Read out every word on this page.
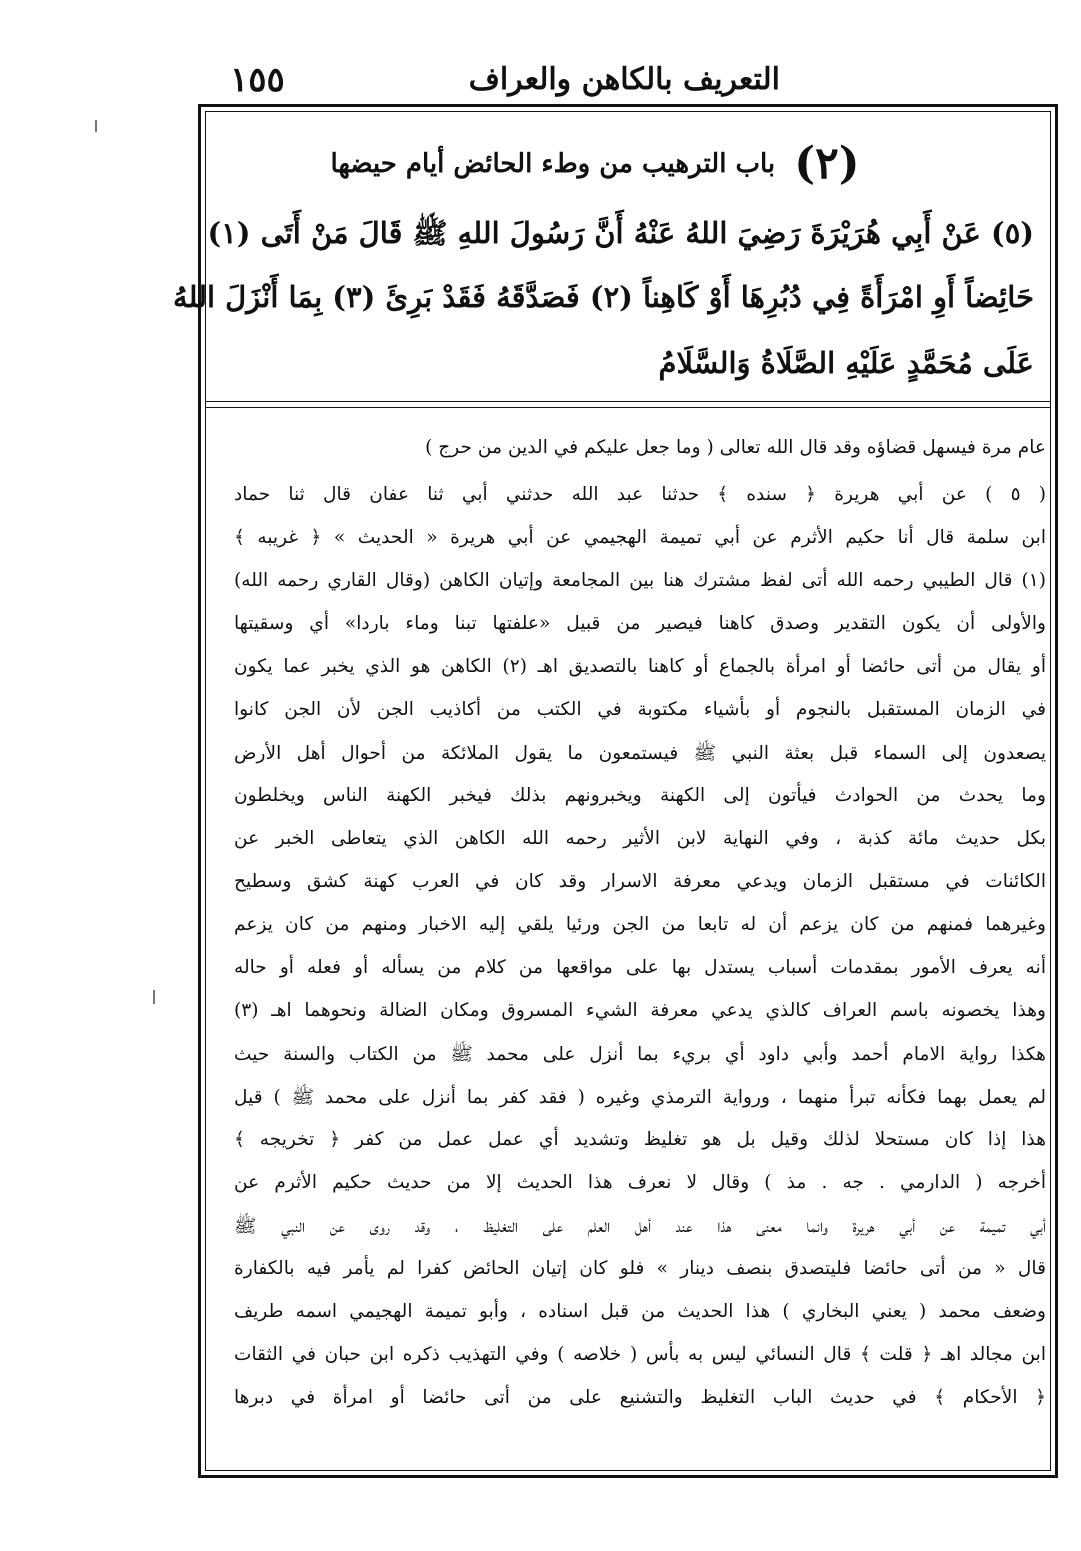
التعريف بالكاهن والعراف
١٥٥
(٢) باب الترهيب من وطء الحائض أيام حيضها
(٥) عَنْ أَبِي هُرَيْرَةَ رَضِيَ اللهُ عَنْهُ أَنَّ رَسُولَ اللهِ ﷺ قَالَ مَنْ أَتَى (١)
حَائِضاً أَوِ امْرَأَةً فِي دُبُرِهَا أَوْ كَاهِناً (٢) فَصَدَّقَهُ فَقَدْ بَرِئَ (٣) بِمَا أَنْزَلَ اللهُ
عَلَى مُحَمَّدٍ عَلَيْهِ الصَّلَاةُ وَالسَّلَامُ
عام مرة فيسهل قضاؤه وقد قال الله تعالى ( وما جعل عليكم في الدين من حرج )
( ٥ ) عن أبي هريرة ﴿ سنده ﴾ حدثنا عبد الله حدثني أبي ثنا عفان قال ثنا حماد
ابن سلمة قال أنا حكيم الأثرم عن أبي تميمة الهجيمي عن أبي هريرة « الحديث » ﴿ غريبه ﴾
(١) قال الطيبي رحمه الله أتى لفظ مشترك هنا بين المجامعة وإتيان الكاهن (وقال القاري رحمه الله)
والأولى أن يكون التقدير وصدق كاهنا فيصير من قبيل «علفتها تبنا وماء باردا» أي وسقيتها
أو يقال من أتى حائضا أو امرأة بالجماع أو كاهنا بالتصديق اهـ (٢) الكاهن هو الذي يخبر عما يكون
في الزمان المستقبل بالنجوم أو بأشياء مكتوبة في الكتب من أكاذيب الجن لأن الجن كانوا
يصعدون إلى السماء قبل بعثة النبي ﷺ فيستمعون ما يقول الملائكة من أحوال أهل الأرض
وما يحدث من الحوادث فيأتون إلى الكهنة ويخبرونهم بذلك فيخبر الكهنة الناس ويخلطون
بكل حديث مائة كذبة ، وفي النهاية لابن الأثير رحمه الله الكاهن الذي يتعاطى الخبر عن
الكائنات في مستقبل الزمان ويدعي معرفة الاسرار وقد كان في العرب كهنة كشق وسطيح
وغيرهما فمنهم من كان يزعم أن له تابعا من الجن ورئيا يلقي إليه الاخبار ومنهم من كان يزعم
أنه يعرف الأمور بمقدمات أسباب يستدل بها على مواقعها من كلام من يسأله أو فعله أو حاله
وهذا يخصونه باسم العراف كالذي يدعي معرفة الشيء المسروق ومكان الضالة ونحوهما اهـ (٣)
هكذا رواية الامام أحمد وأبي داود أي بريء بما أنزل على محمد ﷺ من الكتاب والسنة حيث
لم يعمل بهما فكأنه تبرأ منهما ، ورواية الترمذي وغيره ( فقد كفر بما أنزل على محمد ﷺ ) قيل
هذا إذا كان مستحلا لذلك وقيل بل هو تغليظ وتشديد أي عمل عمل من كفر ﴿ تخريجه ﴾
أخرجه ( الدارمي . جه . مذ ) وقال لا نعرف هذا الحديث إلا من حديث حكيم الأثرم عن
أبي تميمة عن أبي هريرة وانما معنى هذا عند أهل العلم على التغليظ ، وقد روى عن النبي ﷺ
قال « من أتى حائضا فليتصدق بنصف دينار » فلو كان إتيان الحائض كفرا لم يأمر فيه بالكفارة
وضعف محمد ( يعني البخاري ) هذا الحديث من قبل اسناده ، وأبو تميمة الهجيمي اسمه طريف
ابن مجالد اهـ ﴿ قلت ﴾ قال النسائي ليس به بأس ( خلاصه ) وفي التهذيب ذكره ابن حبان في الثقات
﴿ الأحكام ﴾ في حديث الباب التغليظ والتشنيع على من أتى حائضا أو امرأة في دبرها
